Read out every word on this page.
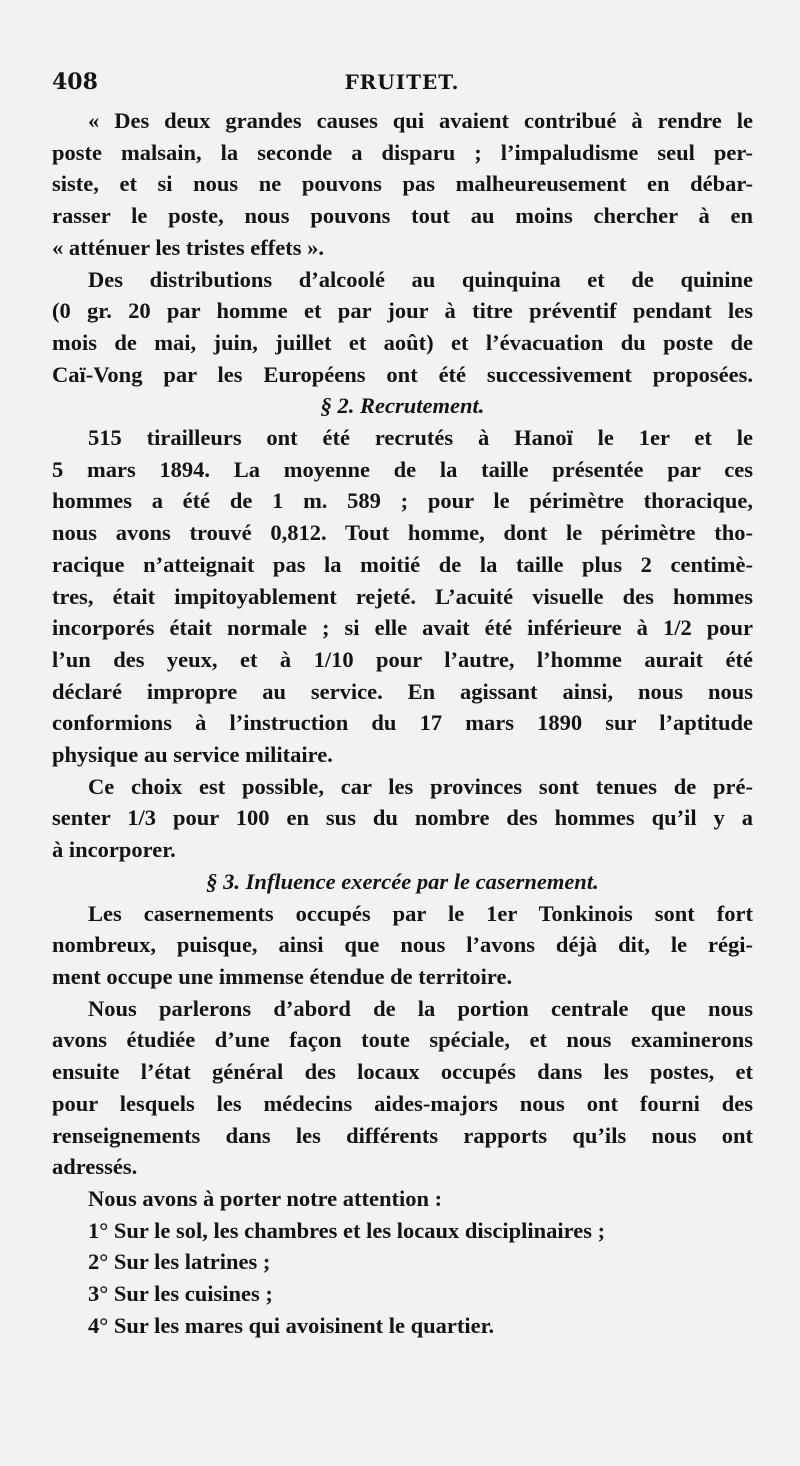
408	FRUITET.
« Des deux grandes causes qui avaient contribué à rendre le
poste malsain, la seconde a disparu ; l’impaludisme seul per-
siste, et si nous ne pouvons pas malheureusement en débar-
rasser le poste, nous pouvons tout au moins chercher à en
« atténuer les tristes effets ».
Des distributions d’alcoolé au quinquina et de quinine
(0 gr. 20 par homme et par jour à titre préventif pendant les
mois de mai, juin, juillet et août) et l’évacuation du poste de
Caï-Vong par les Européens ont été successivement proposées.
§ 2. Recrutement.
515 tirailleurs ont été recrutés à Hanoï le 1er et le
5 mars 1894. La moyenne de la taille présentée par ces
hommes a été de 1 m. 589 ; pour le périmètre thoracique,
nous avons trouvé 0,812. Tout homme, dont le périmètre tho-
racique n’atteignait pas la moitié de la taille plus 2 centimè-
tres, était impitoyablement rejeté. L’acuité visuelle des hommes
incorporés était normale ; si elle avait été inférieure à 1/2 pour
l’un des yeux, et à 1/10 pour l’autre, l’homme aurait été
déclaré impropre au service. En agissant ainsi, nous nous
conformions à l’instruction du 17 mars 1890 sur l’aptitude
physique au service militaire.
Ce choix est possible, car les provinces sont tenues de pré-
senter 1/3 pour 100 en sus du nombre des hommes qu’il y a
à incorporer.
§ 3. Influence exercée par le casernement.
Les casernements occupés par le 1er Tonkinois sont fort
nombreux, puisque, ainsi que nous l’avons déjà dit, le régi-
ment occupe une immense étendue de territoire.
Nous parlerons d’abord de la portion centrale que nous
avons étudiée d’une façon toute spéciale, et nous examinerons
ensuite l’état général des locaux occupés dans les postes, et
pour lesquels les médecins aides-majors nous ont fourni des
renseignements dans les différents rapports qu’ils nous ont
adressés.
Nous avons à porter notre attention :
1° Sur le sol, les chambres et les locaux disciplinaires ;
2° Sur les latrines ;
3° Sur les cuisines ;
4° Sur les mares qui avoisinent le quartier.
